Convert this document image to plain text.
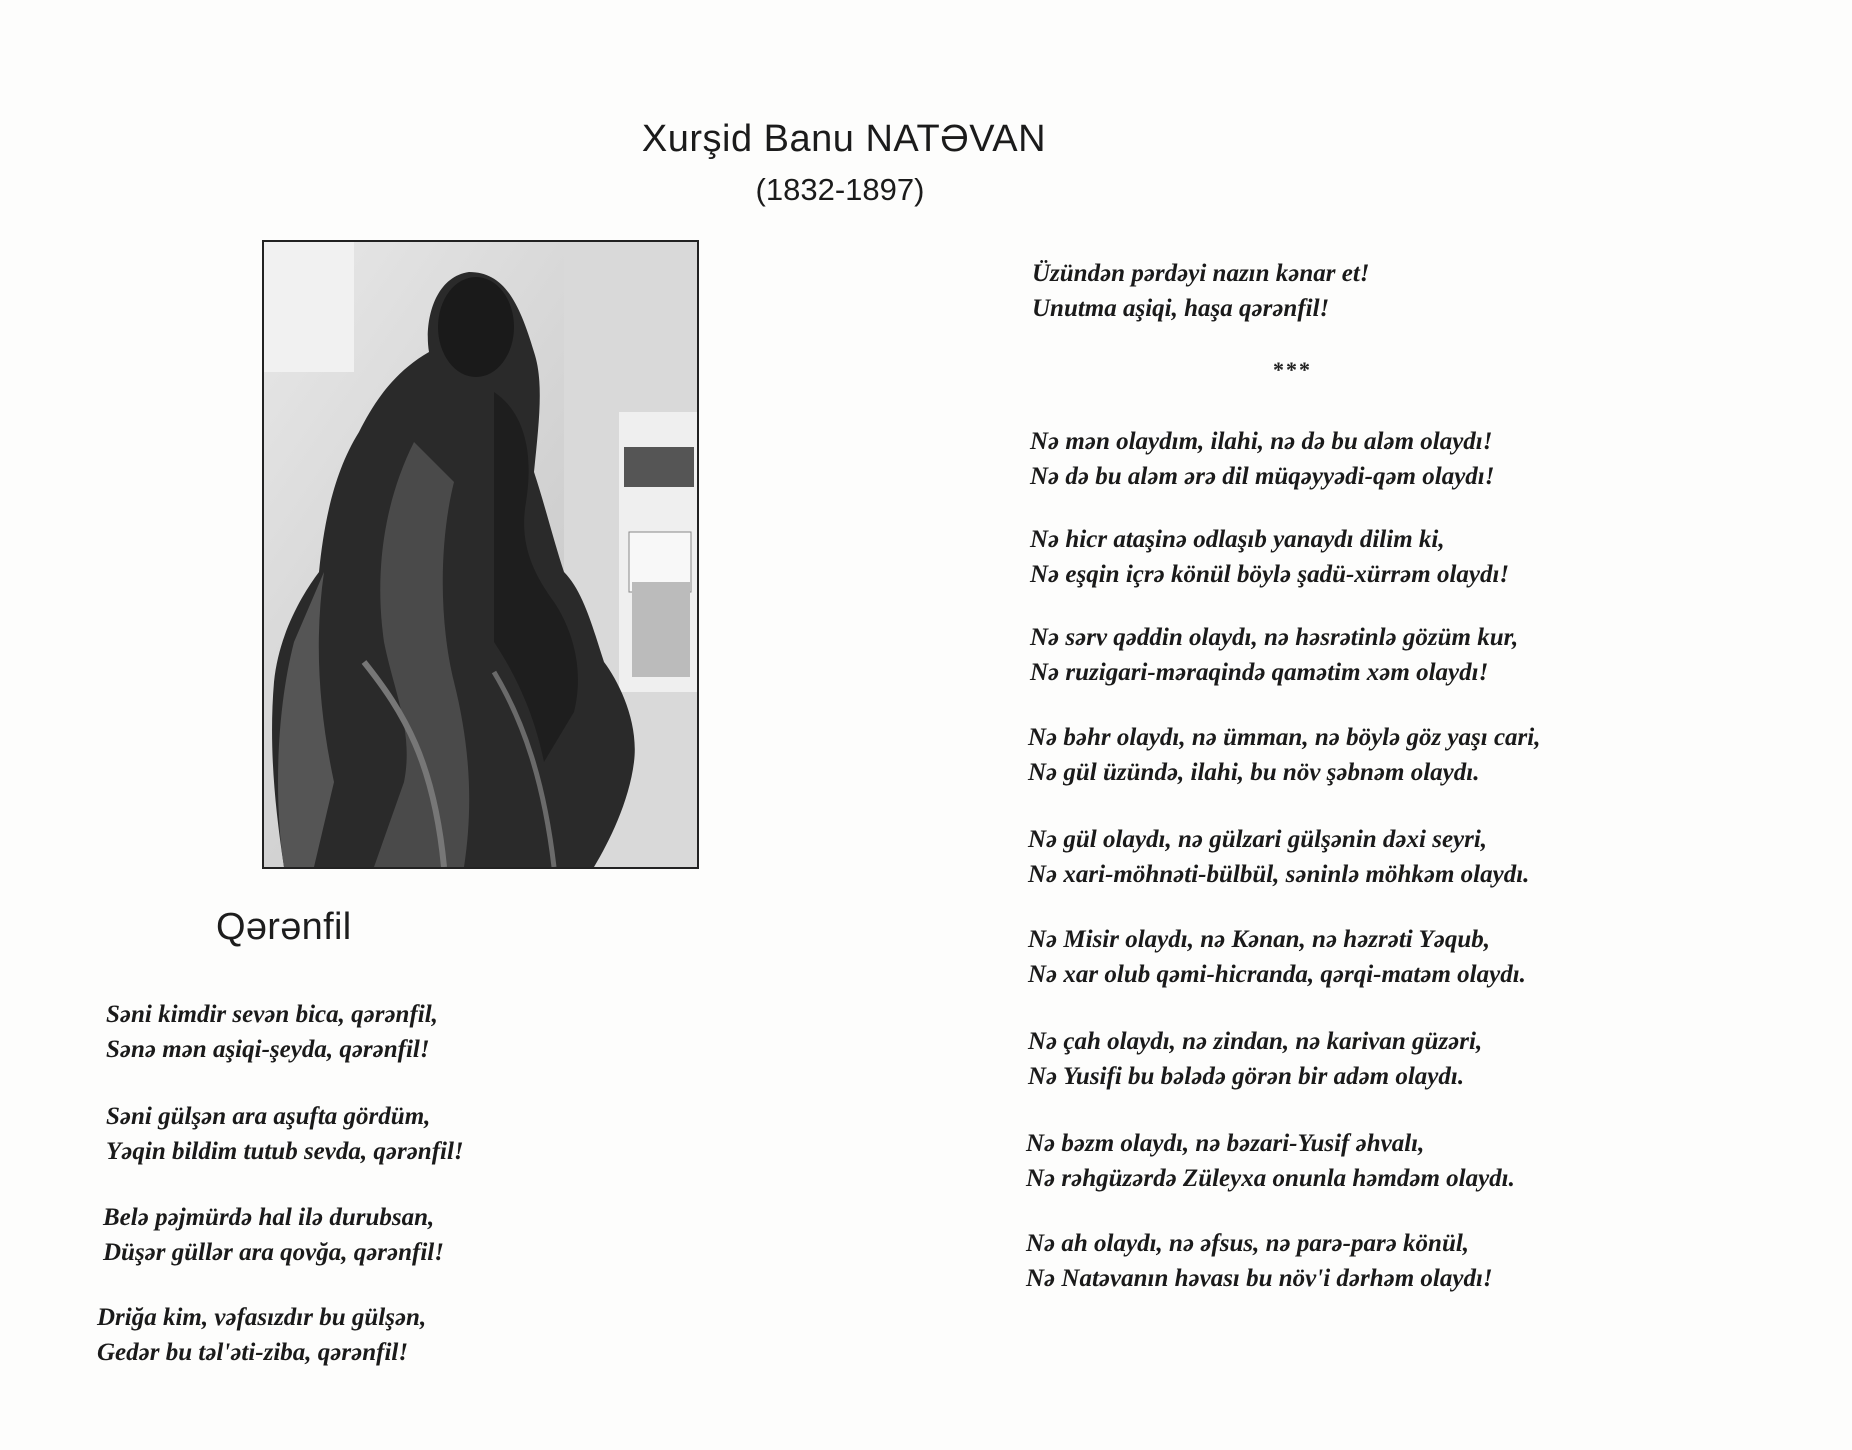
Xurşid Banu NATƏVAN
(1832-1897)
Qərənfil
Səni kimdir sevən bica, qərənfil,
Sənə mən aşiqi-şeyda, qərənfil!
Səni gülşən ara aşufta gördüm,
Yəqin bildim tutub sevda, qərənfil!
Belə pəjmürdə hal ilə durubsan,
Düşər güllər ara qovğa, qərənfil!
Driğa kim, vəfasızdır bu gülşən,
Gedər bu təl'əti-ziba, qərənfil!
Üzündən pərdəyi nazın kənar et!
Unutma aşiqi, haşa qərənfil!
***
Nə mən olaydım, ilahi, nə də bu aləm olaydı!
Nə də bu aləm ərə dil müqəyyədi-qəm olaydı!
Nə hicr ataşinə odlaşıb yanaydı dilim ki,
Nə eşqin içrə könül böylə şadü-xürrəm olaydı!
Nə sərv qəddin olaydı, nə həsrətinlə gözüm kur,
Nə ruzigari-məraqində qamətim xəm olaydı!
Nə bəhr olaydı, nə ümman, nə böylə göz yaşı cari,
Nə gül üzündə, ilahi, bu növ şəbnəm olaydı.
Nə gül olaydı, nə gülzari gülşənin dəxi seyri,
Nə xari-möhnəti-bülbül, səninlə möhkəm olaydı.
Nə Misir olaydı, nə Kənan, nə həzrəti Yəqub,
Nə xar olub qəmi-hicranda, qərqi-matəm olaydı.
Nə çah olaydı, nə zindan, nə karivan güzəri,
Nə Yusifi bu bələdə görən bir adəm olaydı.
Nə bəzm olaydı, nə bəzari-Yusif əhvalı,
Nə rəhgüzərdə Züleyxa onunla həmdəm olaydı.
Nə ah olaydı, nə əfsus, nə parə-parə könül,
Nə Natəvanın həvası bu növ'i dərhəm olaydı!
